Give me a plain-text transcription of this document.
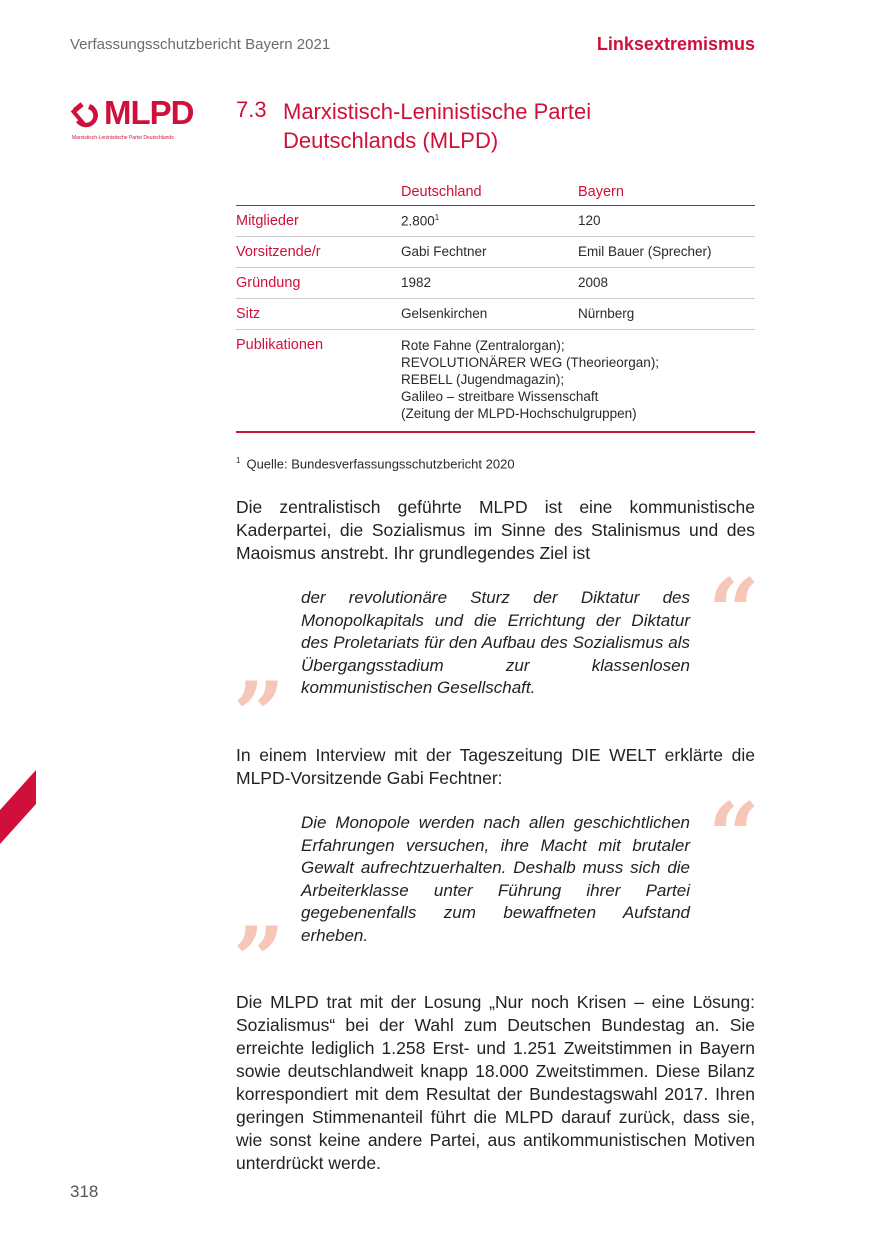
Verfassungsschutzbericht Bayern 2021	Linksextremismus
MLPD
Marxistisch-Leninistische Partei Deutschlands
7.3 Marxistisch-Leninistische Partei
Deutschlands (MLPD)
	Deutschland	Bayern
Mitglieder	2.800$^1$	120
Vorsitzende/r	Gabi Fechtner	Emil Bauer (Sprecher)
Gründung	1982	2008
Sitz	Gelsenkirchen	Nürnberg
Publikationen	Rote Fahne (Zentralorgan);
REVOLUTIONÄRER WEG (Theorieorgan);
REBELL (Jugendmagazin);
Galileo – streitbare Wissenschaft
(Zeitung der MLPD-Hochschulgruppen)	
$^1$ Quelle: Bundesverfassungsschutzbericht 2020
Die zentralistisch geführte MLPD ist eine kommunistische Kaderpartei, die Sozialismus im Sinne des Stalinismus und des Maoismus anstrebt. Ihr grundlegendes Ziel ist
“
der revolutionäre Sturz der Diktatur des Monopolkapitals und die Errichtung der Diktatur des Proletariats für den Aufbau des Sozialismus als Übergangsstadium zur klassenlosen kommunistischen Gesellschaft.
”
In einem Interview mit der Tageszeitung DIE WELT erklärte die MLPD-Vorsitzende Gabi Fechtner:
“
Die Monopole werden nach allen geschichtlichen Erfahrungen versuchen, ihre Macht mit brutaler Gewalt aufrechtzuerhalten. Deshalb muss sich die Arbeiterklasse unter Führung ihrer Partei gegebenenfalls zum bewaffneten Aufstand erheben.
”
Die MLPD trat mit der Losung „Nur noch Krisen – eine Lösung: Sozialismus“ bei der Wahl zum Deutschen Bundestag an. Sie erreichte lediglich 1.258 Erst- und 1.251 Zweitstimmen in Bayern sowie deutschlandweit knapp 18.000 Zweitstimmen. Diese Bilanz korrespondiert mit dem Resultat der Bundestagswahl 2017. Ihren geringen Stimmenanteil führt die MLPD darauf zurück, dass sie, wie sonst keine andere Partei, aus antikommunistischen Motiven unterdrückt werde.
318
